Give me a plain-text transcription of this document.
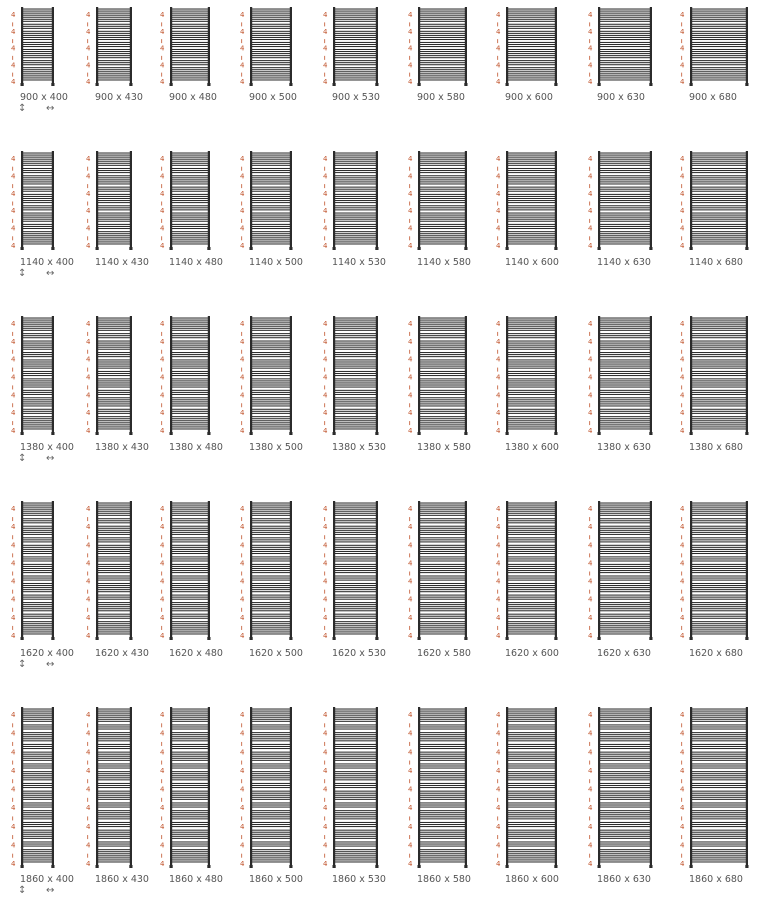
4
4
4
4
4
900 x 400
4
4
4
4
4
900 x 430
4
4
4
4
4
900 x 480
4
4
4
4
4
900 x 500
4
4
4
4
4
900 x 530
4
4
4
4
4
900 x 580
4
4
4
4
4
900 x 600
4
4
4
4
4
900 x 630
4
4
4
4
4
900 x 680
↕ ↔
4
4
4
4
4
4
1140 x 400
4
4
4
4
4
4
1140 x 430
4
4
4
4
4
4
1140 x 480
4
4
4
4
4
4
1140 x 500
4
4
4
4
4
4
1140 x 530
4
4
4
4
4
4
1140 x 580
4
4
4
4
4
4
1140 x 600
4
4
4
4
4
4
1140 x 630
4
4
4
4
4
4
1140 x 680
↕ ↔
4
4
4
4
4
4
4
1380 x 400
4
4
4
4
4
4
4
1380 x 430
4
4
4
4
4
4
4
1380 x 480
4
4
4
4
4
4
4
1380 x 500
4
4
4
4
4
4
4
1380 x 530
4
4
4
4
4
4
4
1380 x 580
4
4
4
4
4
4
4
1380 x 600
4
4
4
4
4
4
4
1380 x 630
4
4
4
4
4
4
4
1380 x 680
↕ ↔
4
4
4
4
4
4
4
4
1620 x 400
4
4
4
4
4
4
4
4
1620 x 430
4
4
4
4
4
4
4
4
1620 x 480
4
4
4
4
4
4
4
4
1620 x 500
4
4
4
4
4
4
4
4
1620 x 530
4
4
4
4
4
4
4
4
1620 x 580
4
4
4
4
4
4
4
4
1620 x 600
4
4
4
4
4
4
4
4
1620 x 630
4
4
4
4
4
4
4
4
1620 x 680
↕ ↔
4
4
4
4
4
4
4
4
4
1860 x 400
4
4
4
4
4
4
4
4
4
1860 x 430
4
4
4
4
4
4
4
4
4
1860 x 480
4
4
4
4
4
4
4
4
4
1860 x 500
4
4
4
4
4
4
4
4
4
1860 x 530
4
4
4
4
4
4
4
4
4
1860 x 580
4
4
4
4
4
4
4
4
4
1860 x 600
4
4
4
4
4
4
4
4
4
1860 x 630
4
4
4
4
4
4
4
4
4
1860 x 680
↕ ↔
